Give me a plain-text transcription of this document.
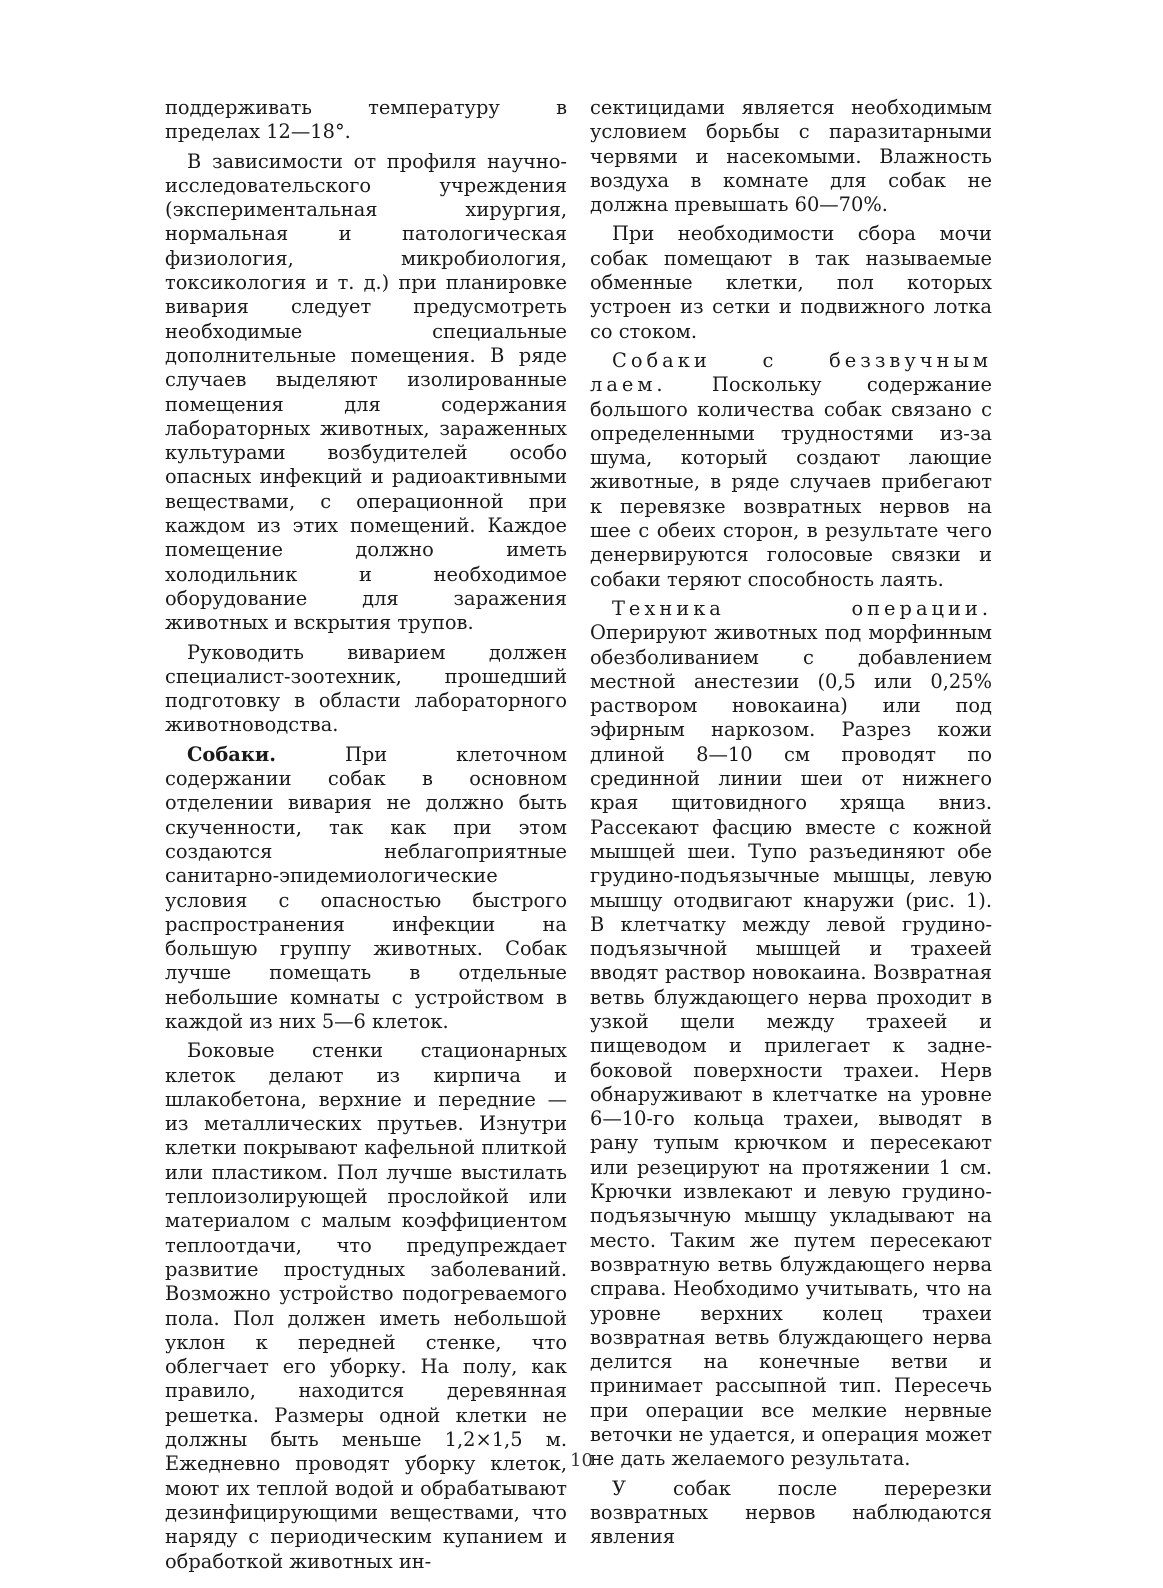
поддерживать температуру в пределах 12—18°.

В зависимости от профиля научно-исследовательского учреждения (экспериментальная хирургия, нормальная и патологическая физиология, микробиология, токсикология и т. д.) при планировке вивария следует предусмотреть необходимые специальные дополнительные помещения. В ряде случаев выделяют изолированные помещения для содержания лабораторных животных, зараженных культурами возбудителей особо опасных инфекций и радиоактивными веществами, с операционной при каждом из этих помещений. Каждое помещение должно иметь холодильник и необходимое оборудование для заражения животных и вскрытия трупов.

Руководить виварием должен специалист-зоотехник, прошедший подготовку в области лабораторного животноводства.

Собаки. При клеточном содержании собак в основном отделении вивария не должно быть скученности, так как при этом создаются неблагоприятные санитарно-эпидемиологические условия с опасностью быстрого распространения инфекции на большую группу животных. Собак лучше помещать в отдельные небольшие комнаты с устройством в каждой из них 5—6 клеток.

Боковые стенки стационарных клеток делают из кирпича и шлакобетона, верхние и передние — из металлических прутьев. Изнутри клетки покрывают кафельной плиткой или пластиком. Пол лучше выстилать теплоизолирующей прослойкой или материалом с малым коэффициентом теплоотдачи, что предупреждает развитие простудных заболеваний. Возможно устройство подогреваемого пола. Пол должен иметь небольшой уклон к передней стенке, что облегчает его уборку. На полу, как правило, находится деревянная решетка. Размеры одной клетки не должны быть меньше 1,2×1,5 м. Ежедневно проводят уборку клеток, моют их теплой водой и обрабатывают дезинфицирующими веществами, что наряду с периодическим купанием и обработкой животных ин-

сектицидами является необходимым условием борьбы с паразитарными червями и насекомыми. Влажность воздуха в комнате для собак не должна превышать 60—70%.

При необходимости сбора мочи собак помещают в так называемые обменные клетки, пол которых устроен из сетки и подвижного лотка со стоком.

Собаки с беззвучным лаем. Поскольку содержание большого количества собак связано с определенными трудностями из-за шума, который создают лающие животные, в ряде случаев прибегают к перевязке возвратных нервов на шее с обеих сторон, в результате чего денервируются голосовые связки и собаки теряют способность лаять.

Техника операции. Оперируют животных под морфинным обезболиванием с добавлением местной анестезии (0,5 или 0,25% раствором новокаина) или под эфирным наркозом. Разрез кожи длиной 8—10 см проводят по срединной линии шеи от нижнего края щитовидного хряща вниз. Рассекают фасцию вместе с кожной мышцей шеи. Тупо разъединяют обе грудино-подъязычные мышцы, левую мышцу отодвигают кнаружи (рис. 1). В клетчатку между левой грудино-подъязычной мышцей и трахеей вводят раствор новокаина. Возвратная ветвь блуждающего нерва проходит в узкой щели между трахеей и пищеводом и прилегает к задне-боковой поверхности трахеи. Нерв обнаруживают в клетчатке на уровне 6—10-го кольца трахеи, выводят в рану тупым крючком и пересекают или резецируют на протяжении 1 см. Крючки извлекают и левую грудино-подъязычную мышцу укладывают на место. Таким же путем пересекают возвратную ветвь блуждающего нерва справа. Необходимо учитывать, что на уровне верхних колец трахеи возвратная ветвь блуждающего нерва делится на конечные ветви и принимает рассыпной тип. Пересечь при операции все мелкие нервные веточки не удается, и операция может не дать желаемого результата.

У собак после перерезки возвратных нервов наблюдаются явления

10
